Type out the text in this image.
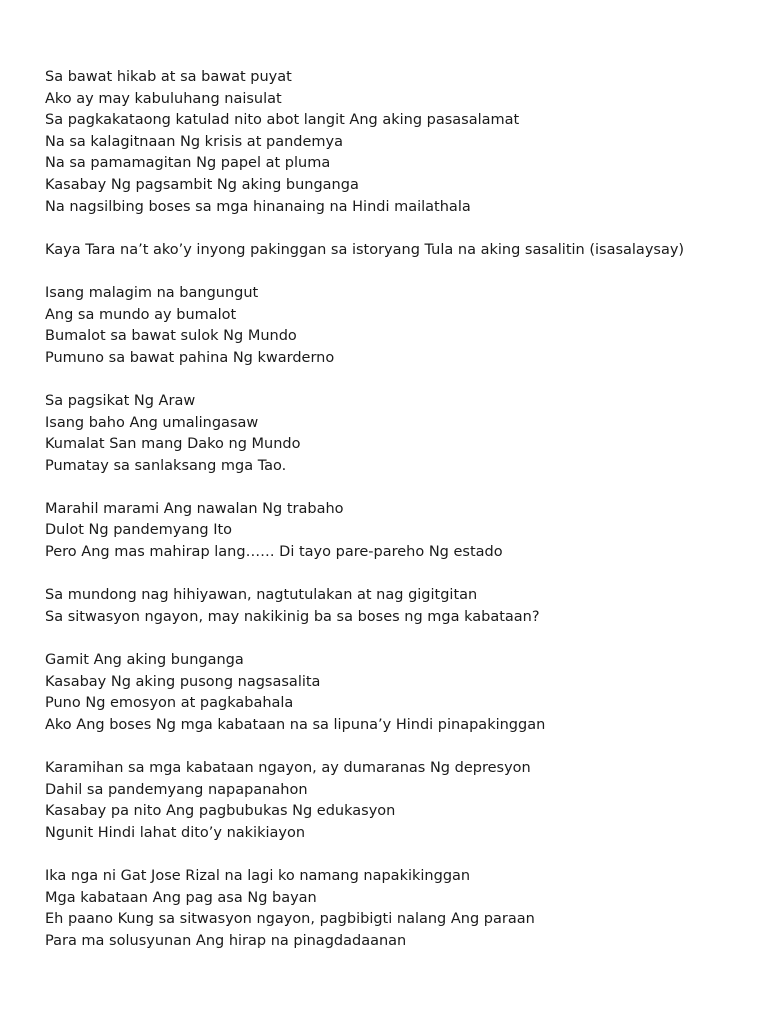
Sa bawat hikab at sa bawat puyat
Ako ay may kabuluhang naisulat
Sa pagkakataong katulad nito abot langit Ang aking pasasalamat
Na sa kalagitnaan Ng krisis at pandemya
Na sa pamamagitan Ng papel at pluma
Kasabay Ng pagsambit Ng aking bunganga
Na nagsilbing boses sa mga hinanaing na Hindi mailathala
Kaya Tara na’t ako’y inyong pakinggan sa istoryang Tula na aking sasalitin (isasalaysay)
Isang malagim na bangungut
Ang sa mundo ay bumalot
Bumalot sa bawat sulok Ng Mundo
Pumuno sa bawat pahina Ng kwarderno
Sa pagsikat Ng Araw
Isang baho Ang umalingasaw
Kumalat San mang Dako ng Mundo
Pumatay sa sanlaksang mga Tao.
Marahil marami Ang nawalan Ng trabaho
Dulot Ng pandemyang Ito
Pero Ang mas mahirap lang…… Di tayo pare-pareho Ng estado
Sa mundong nag hihiyawan, nagtutulakan at nag gigitgitan
Sa sitwasyon ngayon, may nakikinig ba sa boses ng mga kabataan?
Gamit Ang aking bunganga
Kasabay Ng aking pusong nagsasalita
Puno Ng emosyon at pagkabahala
Ako Ang boses Ng mga kabataan na sa lipuna’y Hindi pinapakinggan
Karamihan sa mga kabataan ngayon, ay dumaranas Ng depresyon
Dahil sa pandemyang napapanahon
Kasabay pa nito Ang pagbubukas Ng edukasyon
Ngunit Hindi lahat dito’y nakikiayon
Ika nga ni Gat Jose Rizal na lagi ko namang napakikinggan
Mga kabataan Ang pag asa Ng bayan
Eh paano Kung sa sitwasyon ngayon, pagbibigti nalang Ang paraan
Para ma solusyunan Ang hirap na pinagdadaanan
